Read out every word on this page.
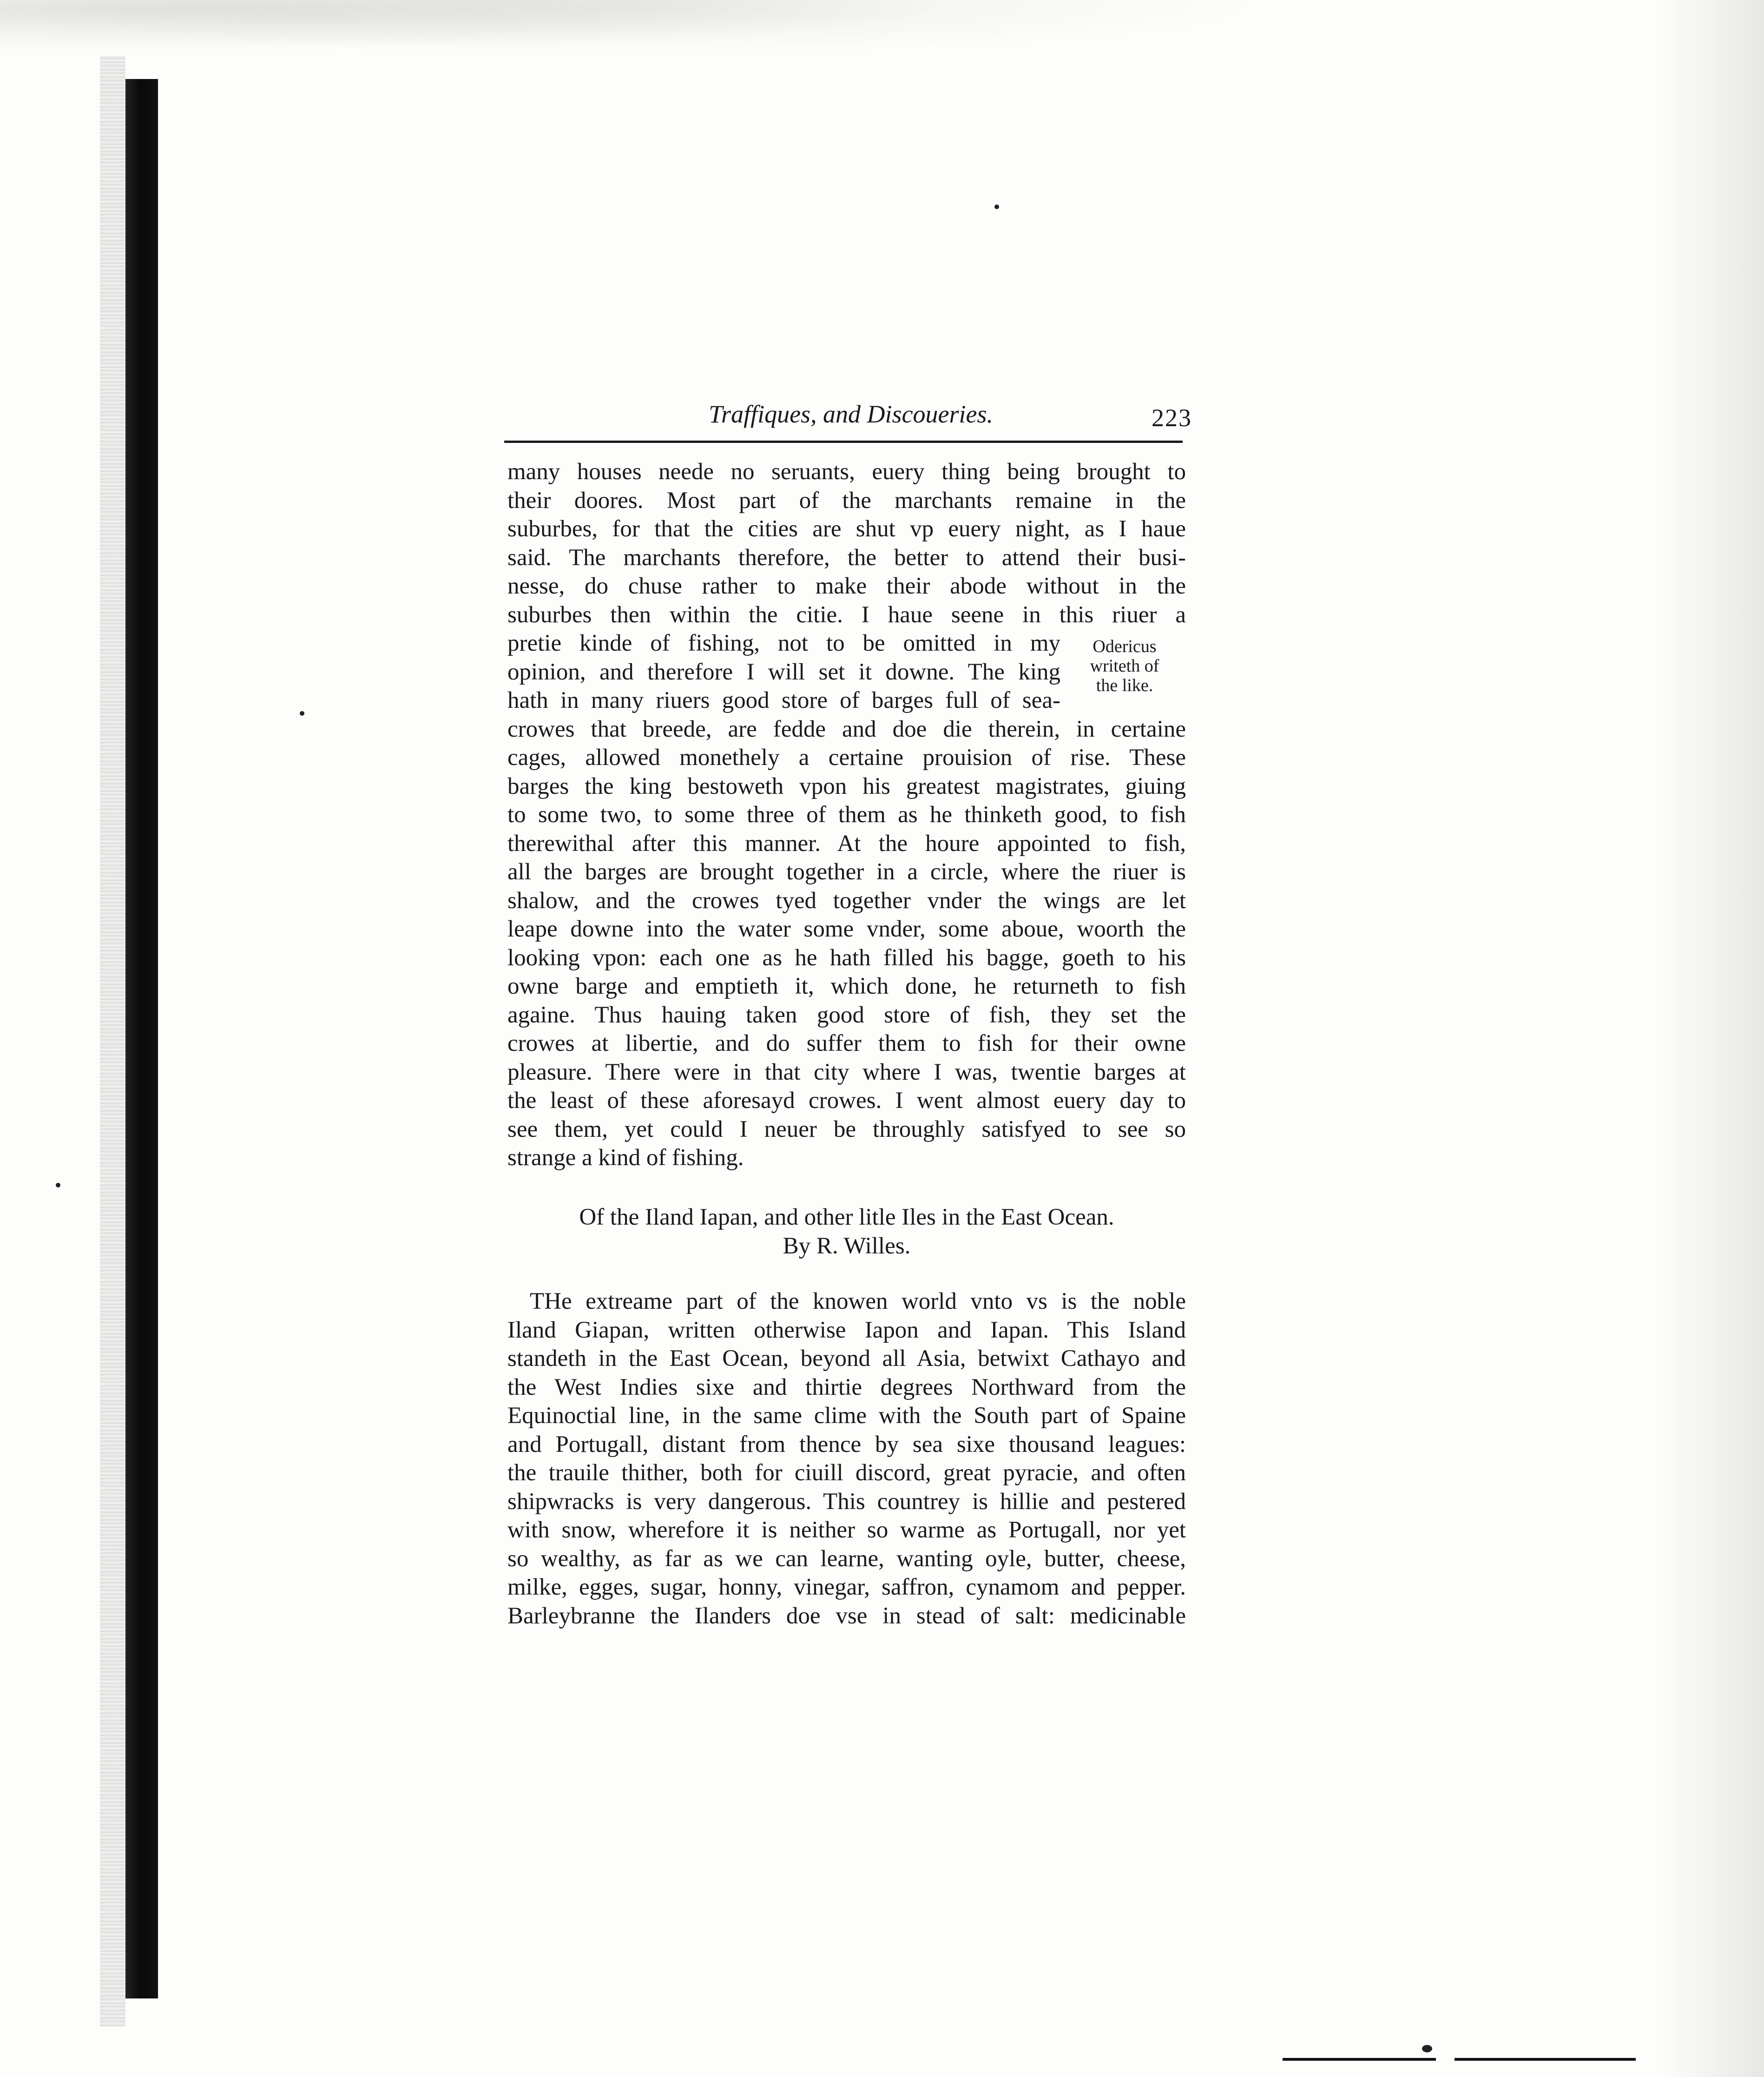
Traffiques, and Discoueries.	223
many houses neede no seruants, euery thing being brought to
their doores. Most part of the marchants remaine in the
suburbes, for that the cities are shut vp euery night, as I haue
said. The marchants therefore, the better to attend their busi-
nesse, do chuse rather to make their abode without in the
suburbes then within the citie. I haue seene in this riuer a
pretie kinde of fishing, not to be omitted in my
opinion, and therefore I will set it downe. The king
hath in many riuers good store of barges full of sea-
crowes that breede, are fedde and doe die therein, in certaine
cages, allowed monethely a certaine prouision of rise. These
barges the king bestoweth vpon his greatest magistrates, giuing
to some two, to some three of them as he thinketh good, to fish
therewithal after this manner. At the houre appointed to fish,
all the barges are brought together in a circle, where the riuer is
shalow, and the crowes tyed together vnder the wings are let
leape downe into the water some vnder, some aboue, woorth the
looking vpon: each one as he hath filled his bagge, goeth to his
owne barge and emptieth it, which done, he returneth to fish
againe. Thus hauing taken good store of fish, they set the
crowes at libertie, and do suffer them to fish for their owne
pleasure. There were in that city where I was, twentie barges at
the least of these aforesayd crowes. I went almost euery day to
see them, yet could I neuer be throughly satisfyed to see so
strange a kind of fishing.
Odericus
writeth of
the like.
Of the Iland Iapan, and other litle Iles in the East Ocean.
By R. Willes.
THe extreame part of the knowen world vnto vs is the noble
Iland Giapan, written otherwise Iapon and Iapan. This Island
standeth in the East Ocean, beyond all Asia, betwixt Cathayo and
the West Indies sixe and thirtie degrees Northward from the
Equinoctial line, in the same clime with the South part of Spaine
and Portugall, distant from thence by sea sixe thousand leagues:
the trauile thither, both for ciuill discord, great pyracie, and often
shipwracks is very dangerous. This countrey is hillie and pestered
with snow, wherefore it is neither so warme as Portugall, nor yet
so wealthy, as far as we can learne, wanting oyle, butter, cheese,
milke, egges, sugar, honny, vinegar, saffron, cynamom and pepper.
Barleybranne the Ilanders doe vse in stead of salt: medicinable
